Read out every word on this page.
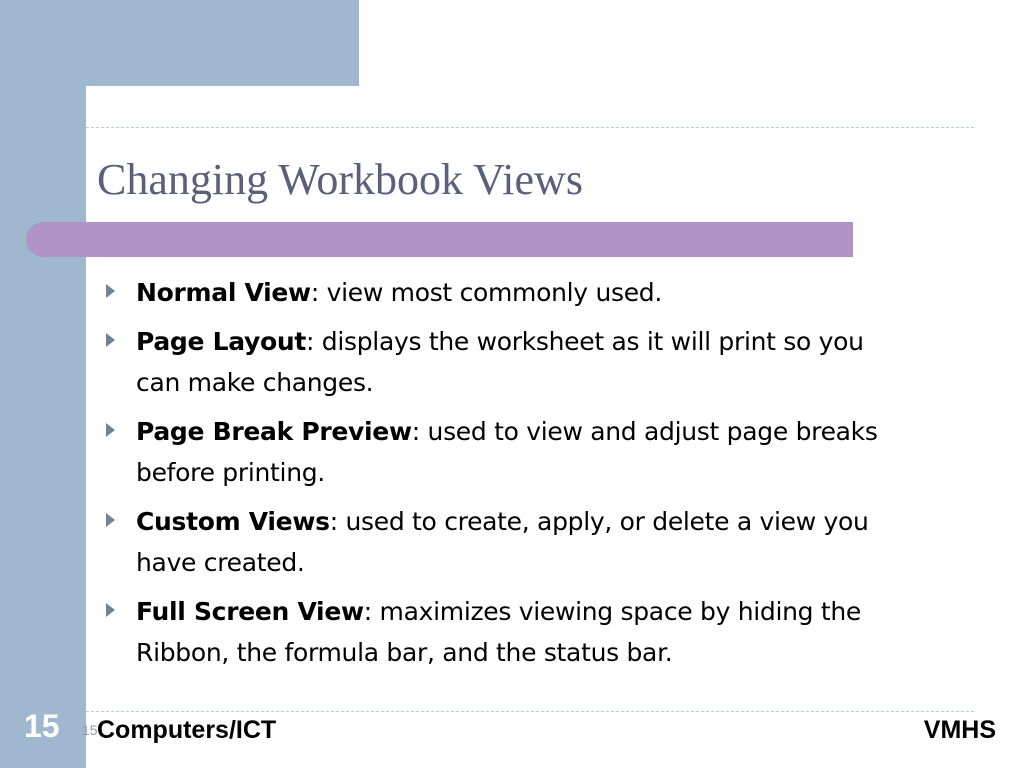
Changing Workbook Views
Normal View: view most commonly used.
Page Layout: displays the worksheet as it will print so you can make changes.
Page Break Preview: used to view and adjust page breaks before printing.
Custom Views: used to create, apply, or delete a view you have created.
Full Screen View: maximizes viewing space by hiding the Ribbon, the formula bar, and the status bar.
15 15 Computers/ICT	VMHS
